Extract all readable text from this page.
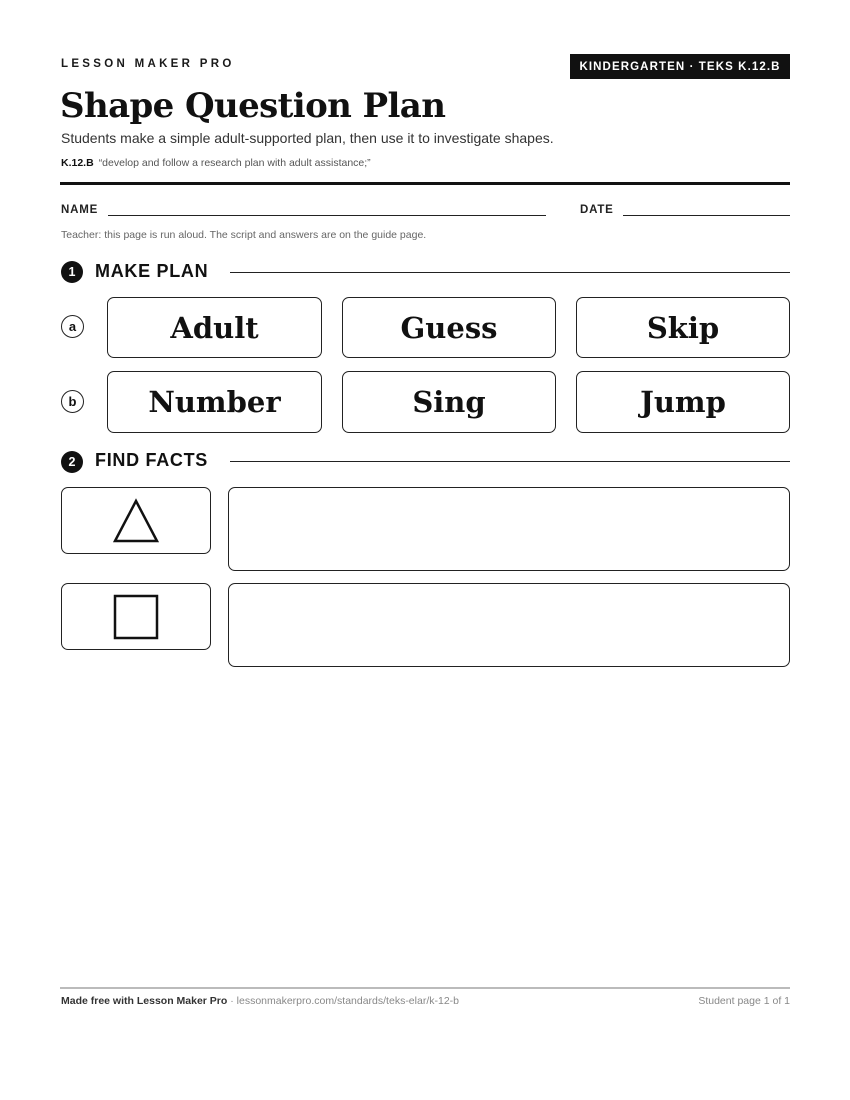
LESSON MAKER PRO	KINDERGARTEN · TEKS K.12.B
Shape Question Plan
Students make a simple adult-supported plan, then use it to investigate shapes.
K.12.B “develop and follow a research plan with adult assistance;”
NAME	DATE
Teacher: this page is run aloud. The script and answers are on the guide page.
1	MAKE PLAN
a	Adult	Guess	Skip
b	Number	Sing	Jump
2	FIND FACTS
Made free with Lesson Maker Pro · lessonmakerpro.com/standards/teks-elar/k-12-b	Student page 1 of 1
